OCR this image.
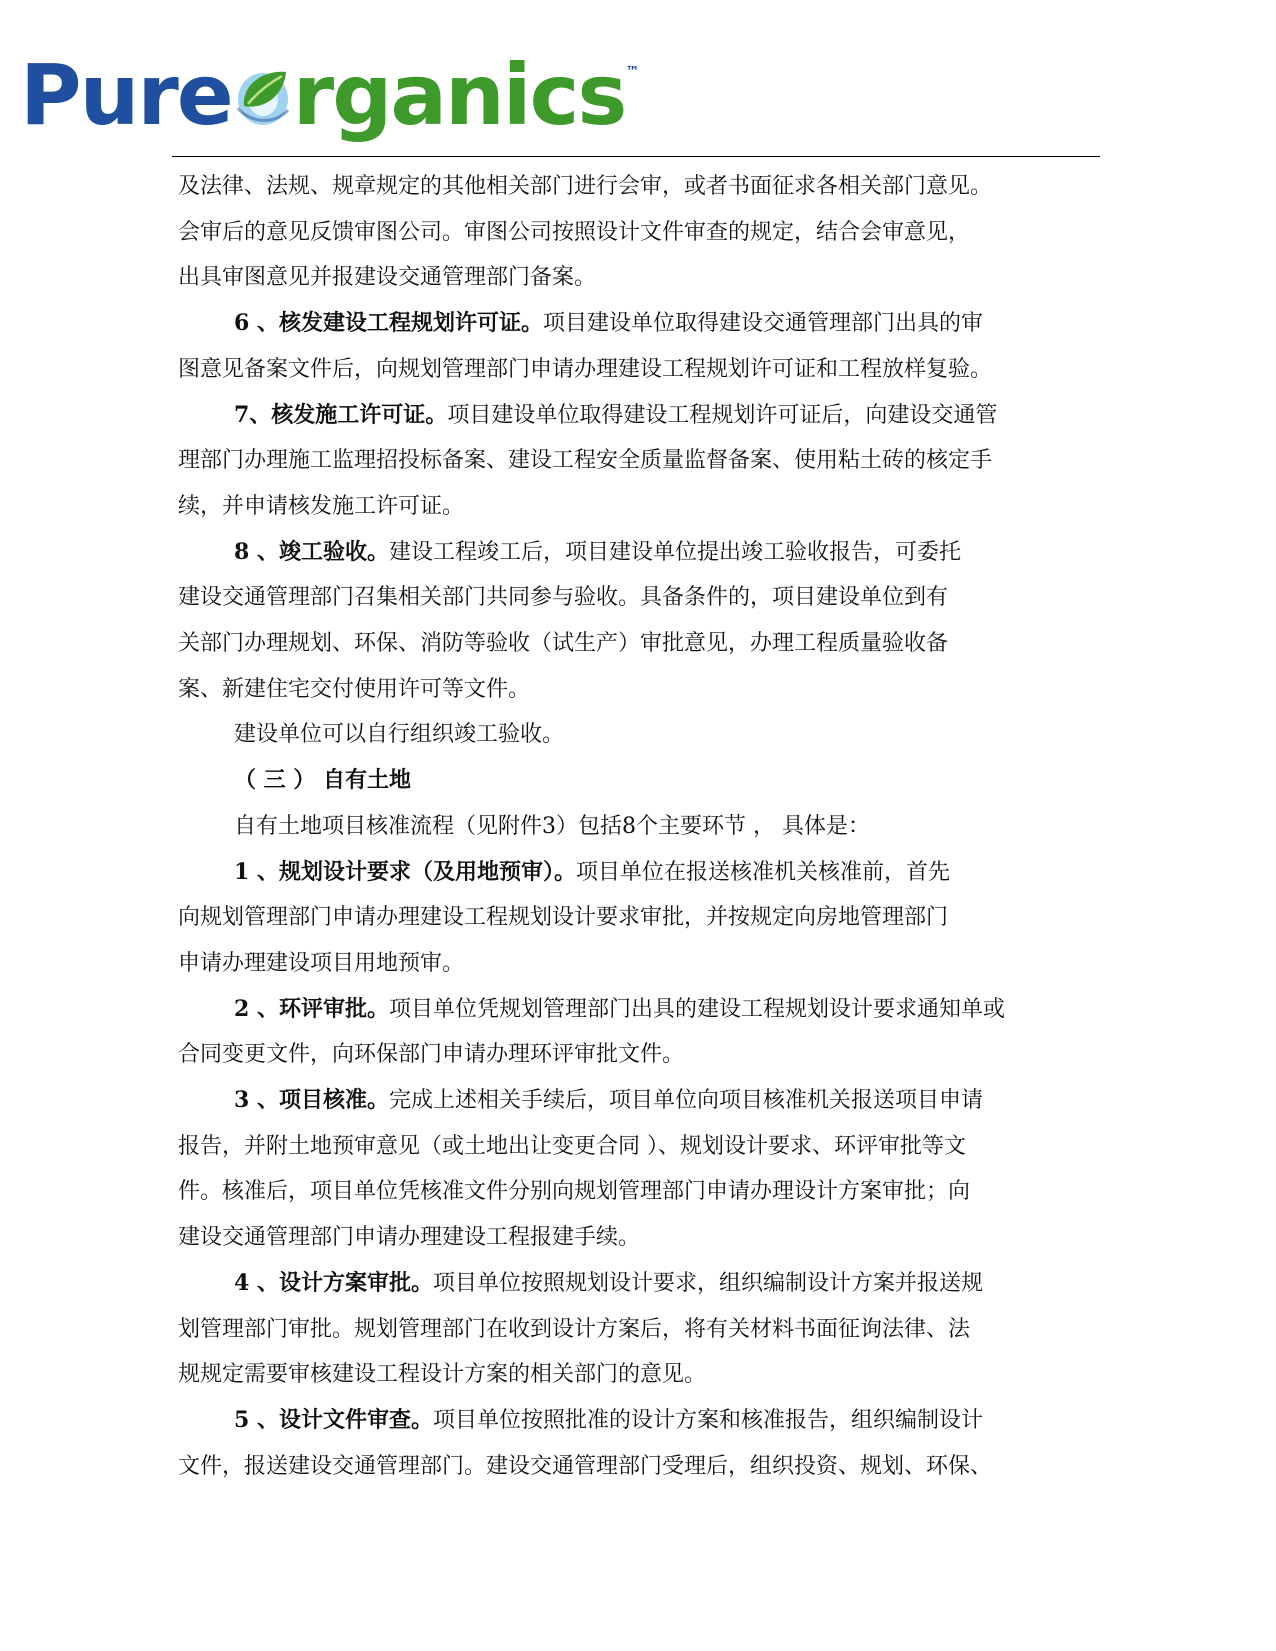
Pure rganics™

及法律、法规、规章规定的其他相关部门进行会审，或者书面征求各相关部门意见。

会审后的意见反馈审图公司。审图公司按照设计文件审查的规定，结合会审意见，

出具审图意见并报建设交通管理部门备案。

6 、核发建设工程规划许可证。项目建设单位取得建设交通管理部门出具的审

图意见备案文件后，向规划管理部门申请办理建设工程规划许可证和工程放样复验。

7、核发施工许可证。项目建设单位取得建设工程规划许可证后，向建设交通管

理部门办理施工监理招投标备案、建设工程安全质量监督备案、使用粘土砖的核定手

续，并申请核发施工许可证。

8 、竣工验收。建设工程竣工后，项目建设单位提出竣工验收报告，可委托

建设交通管理部门召集相关部门共同参与验收。具备条件的，项目建设单位到有

关部门办理规划、环保、消防等验收（试生产）审批意见，办理工程质量验收备

案、新建住宅交付使用许可等文件。

建设单位可以自行组织竣工验收。

（ 三 ） 自有土地

自有土地项目核准流程（见附件3）包括8个主要环节 ， 具体是：

1 、规划设计要求（及用地预审）。项目单位在报送核准机关核准前，首先

向规划管理部门申请办理建设工程规划设计要求审批，并按规定向房地管理部门

申请办理建设项目用地预审。

2 、环评审批。项目单位凭规划管理部门出具的建设工程规划设计要求通知单或

合同变更文件，向环保部门申请办理环评审批文件。

3 、项目核准。完成上述相关手续后，项目单位向项目核准机关报送项目申请

报告，并附土地预审意见（或土地出让变更合同 ）、规划设计要求、环评审批等文

件。核准后，项目单位凭核准文件分别向规划管理部门申请办理设计方案审批；向

建设交通管理部门申请办理建设工程报建手续。

4 、设计方案审批。项目单位按照规划设计要求，组织编制设计方案并报送规

划管理部门审批。规划管理部门在收到设计方案后，将有关材料书面征询法律、法

规规定需要审核建设工程设计方案的相关部门的意见。

5 、设计文件审查。项目单位按照批准的设计方案和核准报告，组织编制设计

文件，报送建设交通管理部门。建设交通管理部门受理后，组织投资、规划、环保、
